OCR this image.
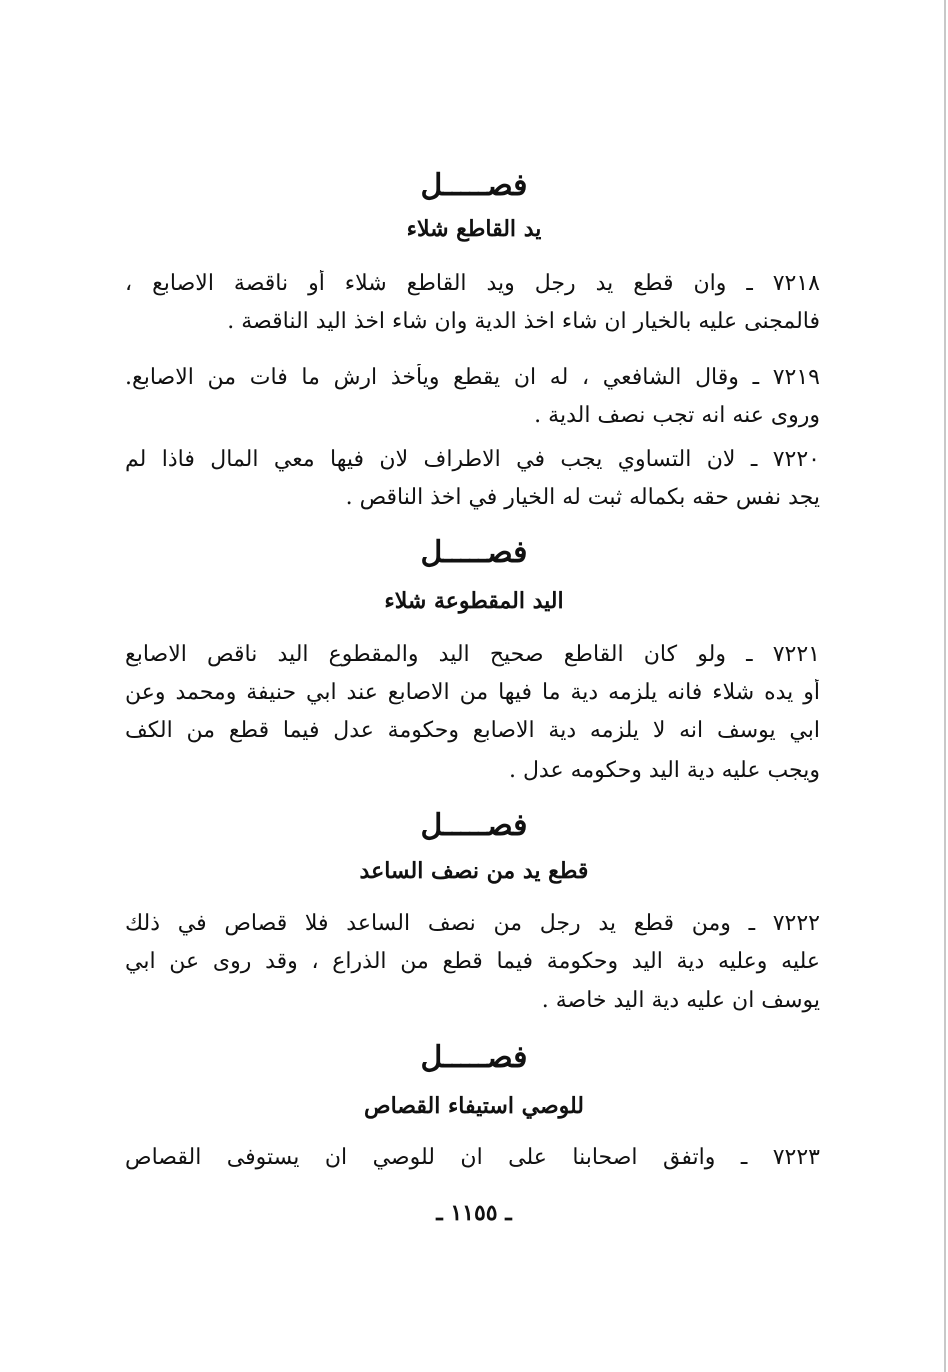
فصـــــل
يد القاطع شلاء

٧٢١٨ ـ وان قطع يد رجل ويد القاطع شلاء أو ناقصة الاصابع ،

فالمجنى عليه بالخيار ان شاء اخذ الدية وان شاء اخذ اليد الناقصة .

٧٢١٩ ـ وقال الشافعي ، له ان يقطع ويأخذ ارش ما فات من الاصابع.

وروى عنه انه تجب نصف الدية .

٧٢٢٠ ـ لان التساوي يجب في الاطراف لان فيها معي المال فاذا لم

يجد نفس حقه بكماله ثبت له الخيار في اخذ الناقص .

فصـــــل
اليد المقطوعة شلاء

٧٢٢١ ـ ولو كان القاطع صحيح اليد والمقطوع اليد ناقص الاصابع

أو يده شلاء فانه يلزمه دية ما فيها من الاصابع عند ابي حنيفة ومحمد وعن

ابي يوسف انه لا يلزمه دية الاصابع وحكومة عدل فيما قطع من الكف

ويجب عليه دية اليد وحكومه عدل .

فصـــــل
قطع يد من نصف الساعد

٧٢٢٢ ـ ومن قطع يد رجل من نصف الساعد فلا قصاص في ذلك

عليه وعليه دية اليد وحكومة فيما قطع من الذراع ، وقد روى عن ابي

يوسف ان عليه دية اليد خاصة .

فصـــــل
للوصي استيفاء القصاص

٧٢٢٣ ـ واتفق اصحابنا على ان للوصي ان يستوفى القصاص

ـ ١١٥٥ ـ
